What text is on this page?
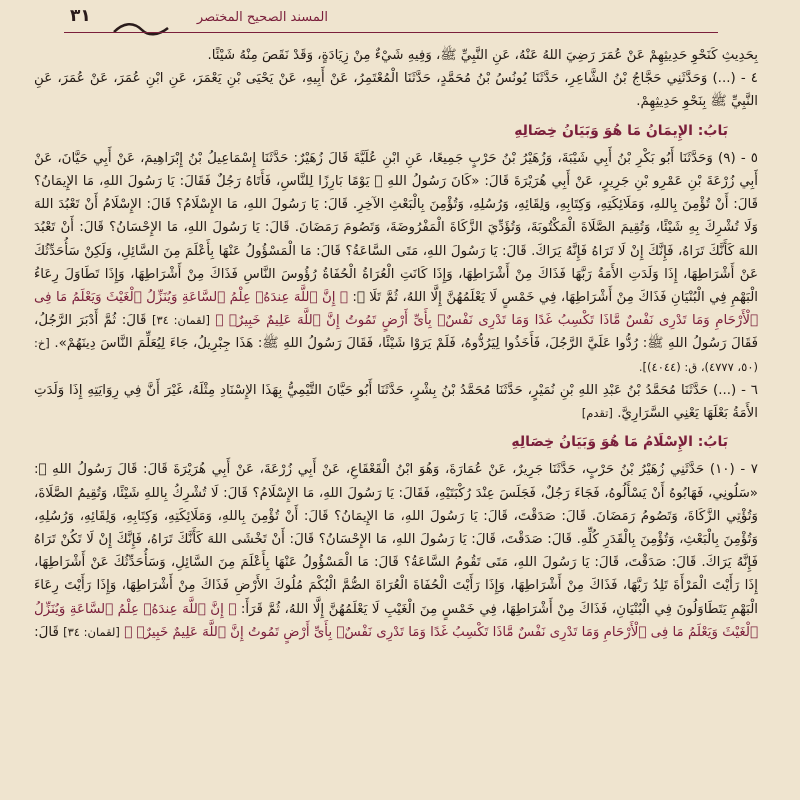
المسند الصحيح المختصر
٣١

بِحَدِيثِ كَنَحْوِ حَدِيثِهِمْ عَنْ عُمَرَ رَضِيَ اللهُ عَنْهُ، عَنِ النَّبِيِّ ﷺ، وَفِيهِ شَيْءٌ مِنْ زِيَادَةٍ، وَقَدْ نَقَصَ مِنْهُ شَيْئًا.

٤ - (...) وَحَدَّثَنِي حَجَّاجُ بْنُ الشَّاعِرِ، حَدَّثَنَا يُونُسُ بْنُ مُحَمَّدٍ، حَدَّثَنَا الْمُعْتَمِرُ، عَنْ أَبِيهِ، عَنْ يَحْيَى بْنِ يَعْمَرَ، عَنِ ابْنِ عُمَرَ، عَنْ عُمَرَ، عَنِ النَّبِيِّ ﷺ بِنَحْوِ حَدِيثِهِمْ.

بَابُ: الإِيمَانُ مَا هُوَ وَبَيَانُ خِصَالِهِ

٥ - (٩) وَحَدَّثَنَا أَبُو بَكْرِ بْنُ أَبِي شَيْبَةَ، وَزُهَيْرُ بْنُ حَرْبٍ جَمِيعًا، عَنِ ابْنِ عُلَيَّةَ قَالَ زُهَيْرٌ: حَدَّثَنَا إِسْمَاعِيلُ بْنُ إِبْرَاهِيمَ، عَنْ أَبِي حَيَّانَ، عَنْ أَبِي زُرْعَةَ بْنِ عَمْرِو بْنِ جَرِيرٍ، عَنْ أَبِي هُرَيْرَةَ قَالَ: «كَانَ رَسُولُ اللهِ ﷺ يَوْمًا بَارِزًا لِلنَّاسِ، فَأَتَاهُ رَجُلٌ فَقَالَ: يَا رَسُولَ اللهِ، مَا الإِيمَانُ؟ قَالَ: أَنْ تُؤْمِنَ بِاللهِ، وَمَلَائِكَتِهِ، وَكِتَابِهِ، وَلِقَائِهِ، وَرُسُلِهِ، وَتُؤْمِنَ بِالْبَعْثِ الآخِرِ. قَالَ: يَا رَسُولَ اللهِ، مَا الإِسْلَامُ؟ قَالَ: الإِسْلَامُ أَنْ تَعْبُدَ اللهَ وَلَا تُشْرِكَ بِهِ شَيْئًا، وَتُقِيمَ الصَّلَاةَ الْمَكْتُوبَةَ، وَتُؤَدِّيَ الزَّكَاةَ الْمَفْرُوضَةَ، وَتَصُومَ رَمَضَانَ. قَالَ: يَا رَسُولَ اللهِ، مَا الإِحْسَانُ؟ قَالَ: أَنْ تَعْبُدَ اللهَ كَأَنَّكَ تَرَاهُ، فَإِنَّكَ إِنْ لَا تَرَاهُ فَإِنَّهُ يَرَاكَ. قَالَ: يَا رَسُولَ اللهِ، مَتَى السَّاعَةُ؟ قَالَ: مَا الْمَسْؤُولُ عَنْهَا بِأَعْلَمَ مِنَ السَّائِلِ، وَلَكِنْ سَأُحَدِّثُكَ عَنْ أَشْرَاطِهَا، إِذَا وَلَدَتِ الأَمَةُ رَبَّهَا فَذَاكَ مِنْ أَشْرَاطِهَا، وَإِذَا كَانَتِ الْعُرَاةُ الْحُفَاةُ رُؤُوسَ النَّاسِ فَذَاكَ مِنْ أَشْرَاطِهَا، وَإِذَا تَطَاوَلَ رِعَاءُ الْبَهْمِ فِي الْبُنْيَانِ فَذَاكَ مِنْ أَشْرَاطِهَا، فِي خَمْسٍ لَا يَعْلَمُهُنَّ إِلَّا اللهُ، ثُمَّ تَلَا ﷺ: ﴿ إِنَّ ٱللَّهَ عِندَهُۥ عِلْمُ ٱلسَّاعَةِ وَيُنَزِّلُ ٱلْغَيْثَ وَيَعْلَمُ مَا فِى ٱلْأَرْحَامِ وَمَا تَدْرِى نَفْسٌ مَّاذَا تَكْسِبُ غَدًا وَمَا تَدْرِى نَفْسٌۢ بِأَىِّ أَرْضٍ تَمُوتُ إِنَّ ٱللَّهَ عَلِيمٌ خَبِيرٌۢ ﴾ [لقمان: ٣٤] قَالَ: ثُمَّ أَدْبَرَ الرَّجُلُ، فَقَالَ رَسُولُ اللهِ ﷺ: رُدُّوا عَلَيَّ الرَّجُلَ، فَأَخَذُوا لِيَرُدُّوهُ، فَلَمْ يَرَوْا شَيْئًا، فَقَالَ رَسُولُ اللهِ ﷺ: هَذَا جِبْرِيلُ، جَاءَ لِيُعَلِّمَ النَّاسَ دِينَهُمْ». [خ: (٥٠، ٤٧٧٧)، ق: (٤٠٤٤)].

٦ - (...) حَدَّثَنَا مُحَمَّدُ بْنُ عَبْدِ اللهِ بْنِ نُمَيْرٍ، حَدَّثَنَا مُحَمَّدُ بْنُ بِشْرٍ، حَدَّثَنَا أَبُو حَيَّانَ التَّيْمِيُّ بِهَذَا الإِسْنَادِ مِثْلَهُ، غَيْرَ أَنَّ فِي رِوَايَتِهِ إِذَا وَلَدَتِ الأَمَةُ بَعْلَهَا يَعْنِي السَّرَارِيَّ. [تقدم]

بَابُ: الإِسْلَامُ مَا هُوَ وَبَيَانُ خِصَالِهِ

٧ - (١٠) حَدَّثَنِي زُهَيْرُ بْنُ حَرْبٍ، حَدَّثَنَا جَرِيرٌ، عَنْ عُمَارَةَ، وَهُوَ ابْنُ الْقَعْقَاعِ، عَنْ أَبِي زُرْعَةَ، عَنْ أَبِي هُرَيْرَةَ قَالَ: قَالَ رَسُولُ اللهِ ﷺ: «سَلُونِي، فَهَابُوهُ أَنْ يَسْأَلُوهُ، فَجَاءَ رَجُلٌ، فَجَلَسَ عِنْدَ رُكْبَتَيْهِ، فَقَالَ: يَا رَسُولَ اللهِ، مَا الإِسْلَامُ؟ قَالَ: لَا تُشْرِكُ بِاللهِ شَيْئًا، وَتُقِيمُ الصَّلَاةَ، وَتُؤْتِي الزَّكَاةَ، وَتَصُومُ رَمَضَانَ. قَالَ: صَدَقْتَ، قَالَ: يَا رَسُولَ اللهِ، مَا الإِيمَانُ؟ قَالَ: أَنْ تُؤْمِنَ بِاللهِ، وَمَلَائِكَتِهِ، وَكِتَابِهِ، وَلِقَائِهِ، وَرُسُلِهِ، وَتُؤْمِنَ بِالْبَعْثِ، وَتُؤْمِنَ بِالْقَدَرِ كُلِّهِ. قَالَ: صَدَقْتَ، قَالَ: يَا رَسُولَ اللهِ، مَا الإِحْسَانُ؟ قَالَ: أَنْ تَخْشَى اللهَ كَأَنَّكَ تَرَاهُ، فَإِنَّكَ إِنْ لَا تَكُنْ تَرَاهُ فَإِنَّهُ يَرَاكَ. قَالَ: صَدَقْتَ، قَالَ: يَا رَسُولَ اللهِ، مَتَى تَقُومُ السَّاعَةُ؟ قَالَ: مَا الْمَسْؤُولُ عَنْهَا بِأَعْلَمَ مِنَ السَّائِلِ، وَسَأُحَدِّثُكَ عَنْ أَشْرَاطِهَا، إِذَا رَأَيْتَ الْمَرْأَةَ تَلِدُ رَبَّهَا، فَذَاكَ مِنْ أَشْرَاطِهَا، وَإِذَا رَأَيْتَ الْحُفَاةَ الْعُرَاةَ الصُّمَّ الْبُكْمَ مُلُوكَ الأَرْضِ فَذَاكَ مِنْ أَشْرَاطِهَا، وَإِذَا رَأَيْتَ رِعَاءَ الْبَهْمِ يَتَطَاوَلُونَ فِي الْبُنْيَانِ، فَذَاكَ مِنْ أَشْرَاطِهَا، فِي خَمْسٍ مِنَ الْغَيْبِ لَا يَعْلَمُهُنَّ إِلَّا اللهُ، ثُمَّ قَرَأَ: ﴿ إِنَّ ٱللَّهَ عِندَهُۥ عِلْمُ ٱلسَّاعَةِ وَيُنَزِّلُ ٱلْغَيْثَ وَيَعْلَمُ مَا فِى ٱلْأَرْحَامِ وَمَا تَدْرِى نَفْسٌ مَّاذَا تَكْسِبُ غَدًا وَمَا تَدْرِى نَفْسٌۢ بِأَىِّ أَرْضٍ تَمُوتُ إِنَّ ٱللَّهَ عَلِيمٌ خَبِيرٌۢ ﴾ [لقمان: ٣٤] قَالَ:
